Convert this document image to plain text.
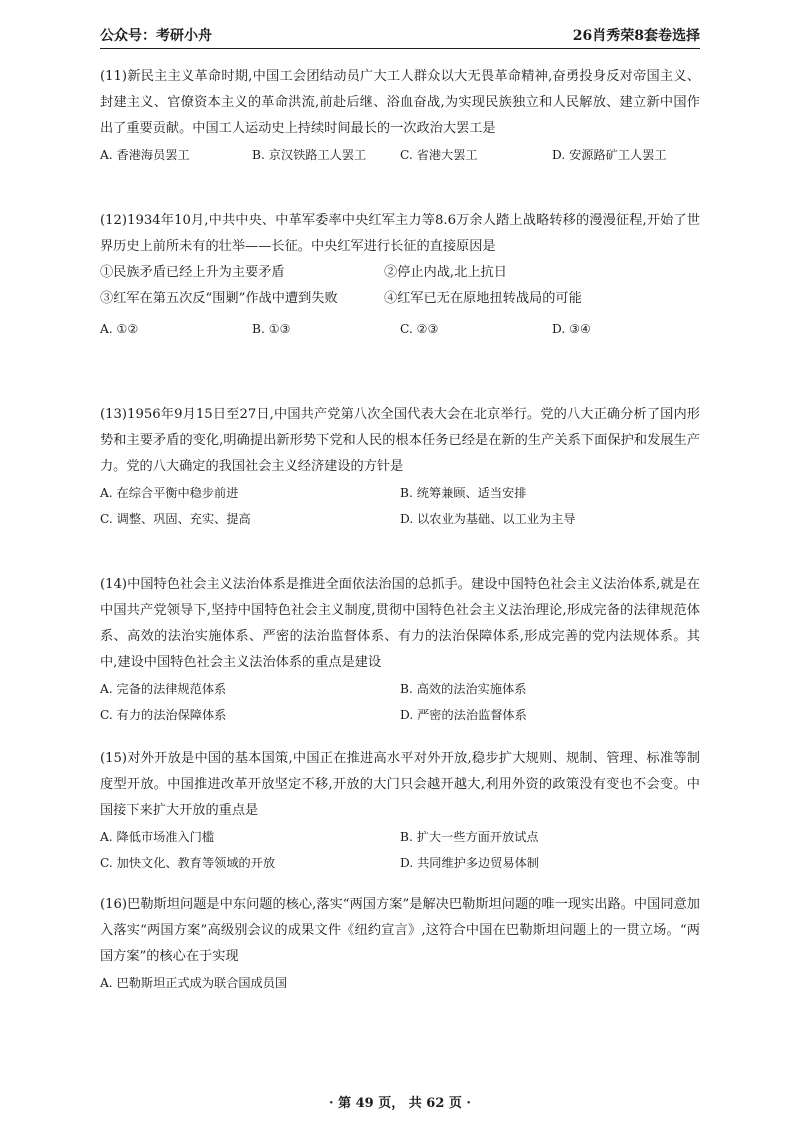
公众号：考研小舟	26肖秀荣8套卷选择

(11)新民主主义革命时期,中国工会团结动员广大工人群众以大无畏革命精神,奋勇投身反对帝国主义、封建主义、官僚资本主义的革命洪流,前赴后继、浴血奋战,为实现民族独立和人民解放、建立新中国作出了重要贡献。中国工人运动史上持续时间最长的一次政治大罢工是

A. 香港海员罢工	B. 京汉铁路工人罢工	C. 省港大罢工	D. 安源路矿工人罢工

(12)1934年10月,中共中央、中革军委率中央红军主力等8.6万余人踏上战略转移的漫漫征程,开始了世界历史上前所未有的壮举——长征。中央红军进行长征的直接原因是

①民族矛盾已经上升为主要矛盾	②停止内战,北上抗日
③红军在第五次反“围剿”作战中遭到失败	④红军已无在原地扭转战局的可能
A. ①②	B. ①③	C. ②③	D. ③④

(13)1956年9月15日至27日,中国共产党第八次全国代表大会在北京举行。党的八大正确分析了国内形势和主要矛盾的变化,明确提出新形势下党和人民的根本任务已经是在新的生产关系下面保护和发展生产力。党的八大确定的我国社会主义经济建设的方针是

A. 在综合平衡中稳步前进	B. 统筹兼顾、适当安排
C. 调整、巩固、充实、提高	D. 以农业为基础、以工业为主导

(14)中国特色社会主义法治体系是推进全面依法治国的总抓手。建设中国特色社会主义法治体系,就是在中国共产党领导下,坚持中国特色社会主义制度,贯彻中国特色社会主义法治理论,形成完备的法律规范体系、高效的法治实施体系、严密的法治监督体系、有力的法治保障体系,形成完善的党内法规体系。其中,建设中国特色社会主义法治体系的重点是建设

A. 完备的法律规范体系	B. 高效的法治实施体系
C. 有力的法治保障体系	D. 严密的法治监督体系

(15)对外开放是中国的基本国策,中国正在推进高水平对外开放,稳步扩大规则、规制、管理、标准等制度型开放。中国推进改革开放坚定不移,开放的大门只会越开越大,利用外资的政策没有变也不会变。中国接下来扩大开放的重点是

A. 降低市场准入门槛	B. 扩大一些方面开放试点
C. 加快文化、教育等领域的开放	D. 共同维护多边贸易体制

(16)巴勒斯坦问题是中东问题的核心,落实“两国方案”是解决巴勒斯坦问题的唯一现实出路。中国同意加入落实“两国方案”高级别会议的成果文件《纽约宣言》,这符合中国在巴勒斯坦问题上的一贯立场。“两国方案”的核心在于实现

A. 巴勒斯坦正式成为联合国成员国
· 第 49 页， 共 62 页 ·
